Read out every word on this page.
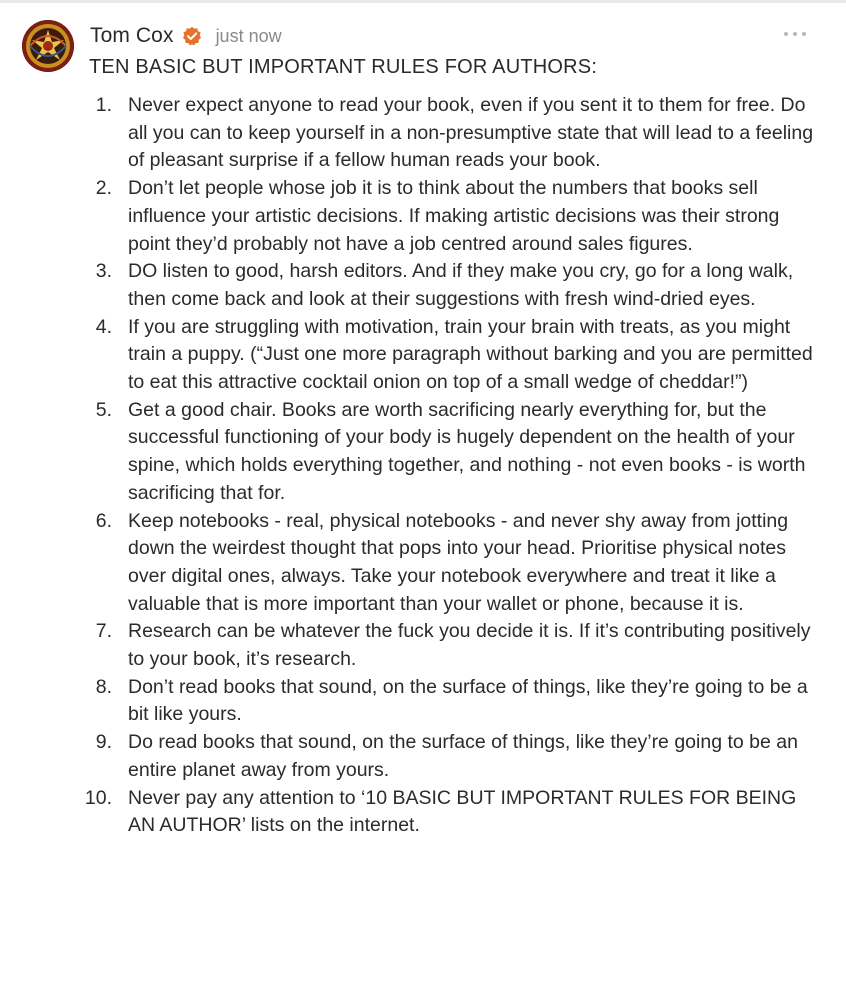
Tom Cox just now
TEN BASIC BUT IMPORTANT RULES FOR AUTHORS:
1. Never expect anyone to read your book, even if you sent it to them for free. Do all you can to keep yourself in a non-presumptive state that will lead to a feeling of pleasant surprise if a fellow human reads your book.
2. Don’t let people whose job it is to think about the numbers that books sell influence your artistic decisions. If making artistic decisions was their strong point they’d probably not have a job centred around sales figures.
3. DO listen to good, harsh editors. And if they make you cry, go for a long walk, then come back and look at their suggestions with fresh wind-dried eyes.
4. If you are struggling with motivation, train your brain with treats, as you might train a puppy. (“Just one more paragraph without barking and you are permitted to eat this attractive cocktail onion on top of a small wedge of cheddar!”)
5. Get a good chair. Books are worth sacrificing nearly everything for, but the successful functioning of your body is hugely dependent on the health of your spine, which holds everything together, and nothing - not even books - is worth sacrificing that for.
6. Keep notebooks - real, physical notebooks - and never shy away from jotting down the weirdest thought that pops into your head. Prioritise physical notes over digital ones, always. Take your notebook everywhere and treat it like a valuable that is more important than your wallet or phone, because it is.
7. Research can be whatever the fuck you decide it is. If it’s contributing positively to your book, it’s research.
8. Don’t read books that sound, on the surface of things, like they’re going to be a bit like yours.
9. Do read books that sound, on the surface of things, like they’re going to be an entire planet away from yours.
10. Never pay any attention to ‘10 BASIC BUT IMPORTANT RULES FOR BEING AN AUTHOR’ lists on the internet.
